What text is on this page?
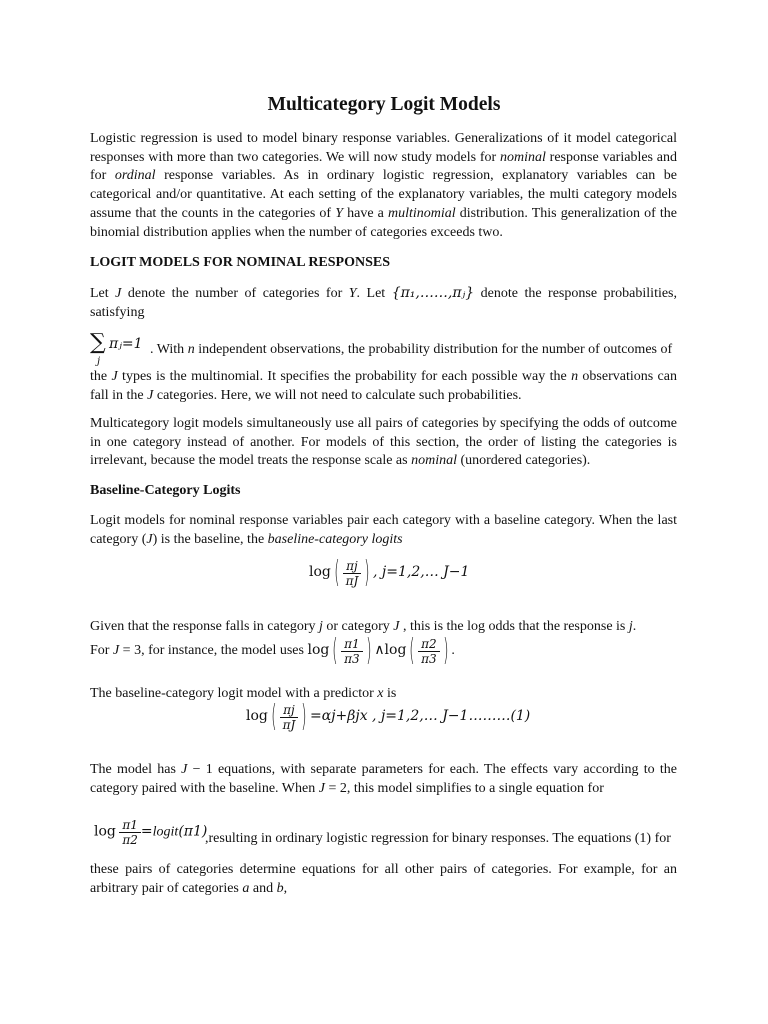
Multicategory Logit Models
Logistic regression is used to model binary response variables. Generalizations of it model categorical responses with more than two categories. We will now study models for nominal response variables and for ordinal response variables. As in ordinary logistic regression, explanatory variables can be categorical and/or quantitative. At each setting of the explanatory variables, the multi category models assume that the counts in the categories of Y have a multinomial distribution. This generalization of the binomial distribution applies when the number of categories exceeds two.
LOGIT MODELS FOR NOMINAL RESPONSES
Let J denote the number of categories for Y. Let {π₁,……,πⱼ} denote the response probabilities, satisfying
∑
j
πⱼ=1 . With n independent observations, the probability distribution for the number of outcomes of
the J types is the multinomial. It specifies the probability for each possible way the n observations can fall in the J categories. Here, we will not need to calculate such probabilities.
Multicategory logit models simultaneously use all pairs of categories by specifying the odds of outcome in one category instead of another. For models of this section, the order of listing the categories is irrelevant, because the model treats the response scale as nominal (unordered categories).
Baseline-Category Logits
Logit models for nominal response variables pair each category with a baseline category. When the last category (J) is the baseline, the baseline-category logits
log ( $\frac{\pi j}{\pi J}$ ) , j=1,2,… J−1
Given that the response falls in category j or category J , this is the log odds that the response is j.
For J = 3, for instance, the model uses log ( $\frac{\pi 1}{\pi 3}$ ) ∧log ( $\frac{\pi 2}{\pi 3}$ ) .
The baseline-category logit model with a predictor x is
log ( $\frac{\pi j}{\pi J}$ ) =αj+βjx , j=1,2,… J−1………(1)
The model has J − 1 equations, with separate parameters for each. The effects vary according to the category paired with the baseline. When J = 2, this model simplifies to a single equation for
$\log \frac{\pi 1}{\pi 2}$ =logit(π1)
,resulting in ordinary logistic regression for binary responses. The equations (1) for
these pairs of categories determine equations for all other pairs of categories. For example, for an arbitrary pair of categories a and b,
